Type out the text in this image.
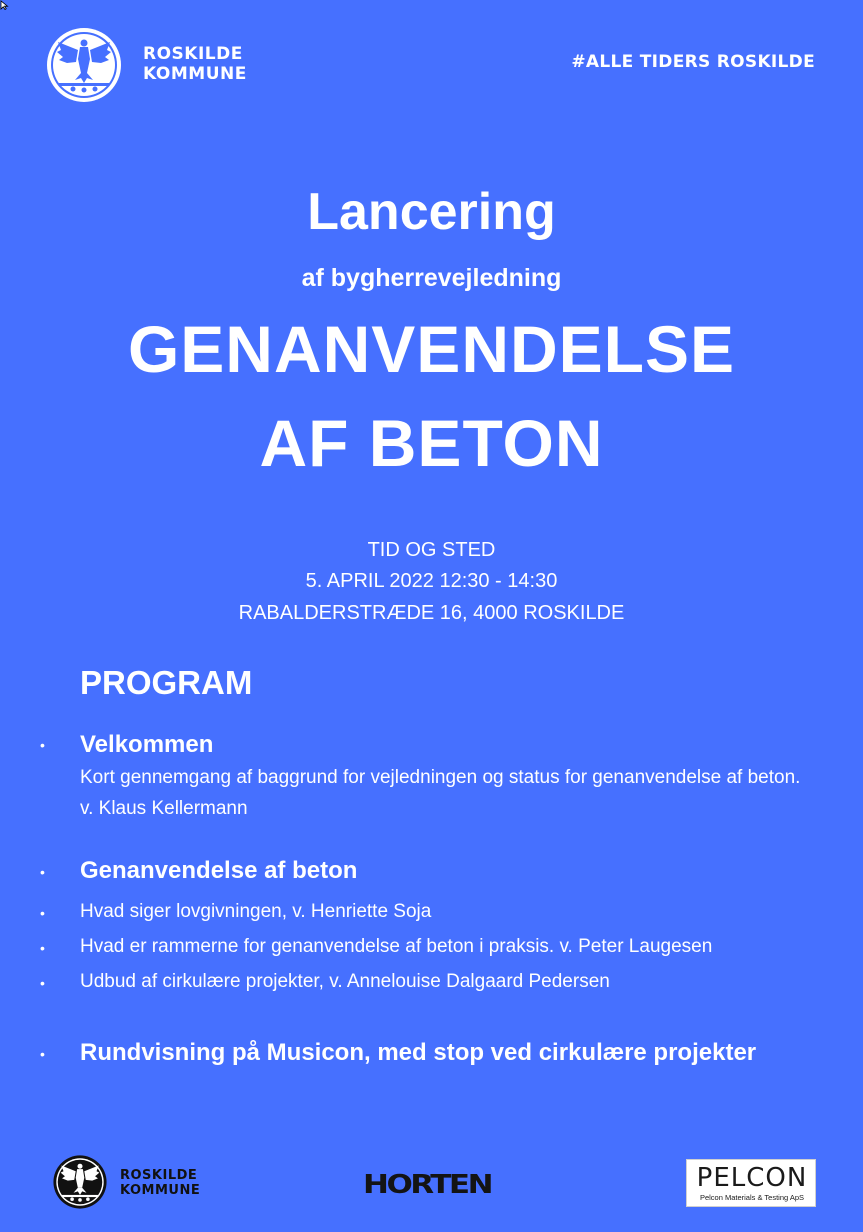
ROSKILDE
KOMMUNE
#ALLE TIDERS ROSKILDE
Lancering
af bygherrevejledning
GENANVENDELSE
AF BETON
TID OG STED
5. APRIL 2022 12:30 - 14:30
RABALDERSTRÆDE 16, 4000 ROSKILDE
PROGRAM
• Velkommen
Kort gennemgang af baggrund for vejledningen og status for genanvendelse af beton.
v. Klaus Kellermann
• Genanvendelse af beton
• Hvad siger lovgivningen, v. Henriette Soja
• Hvad er rammerne for genanvendelse af beton i praksis. v. Peter Laugesen
• Udbud af cirkulære projekter, v. Annelouise Dalgaard Pedersen
• Rundvisning på Musicon, med stop ved cirkulære projekter
ROSKILDE
KOMMUNE	HORTEN	PELCON
Pelcon Materials & Testing ApS
